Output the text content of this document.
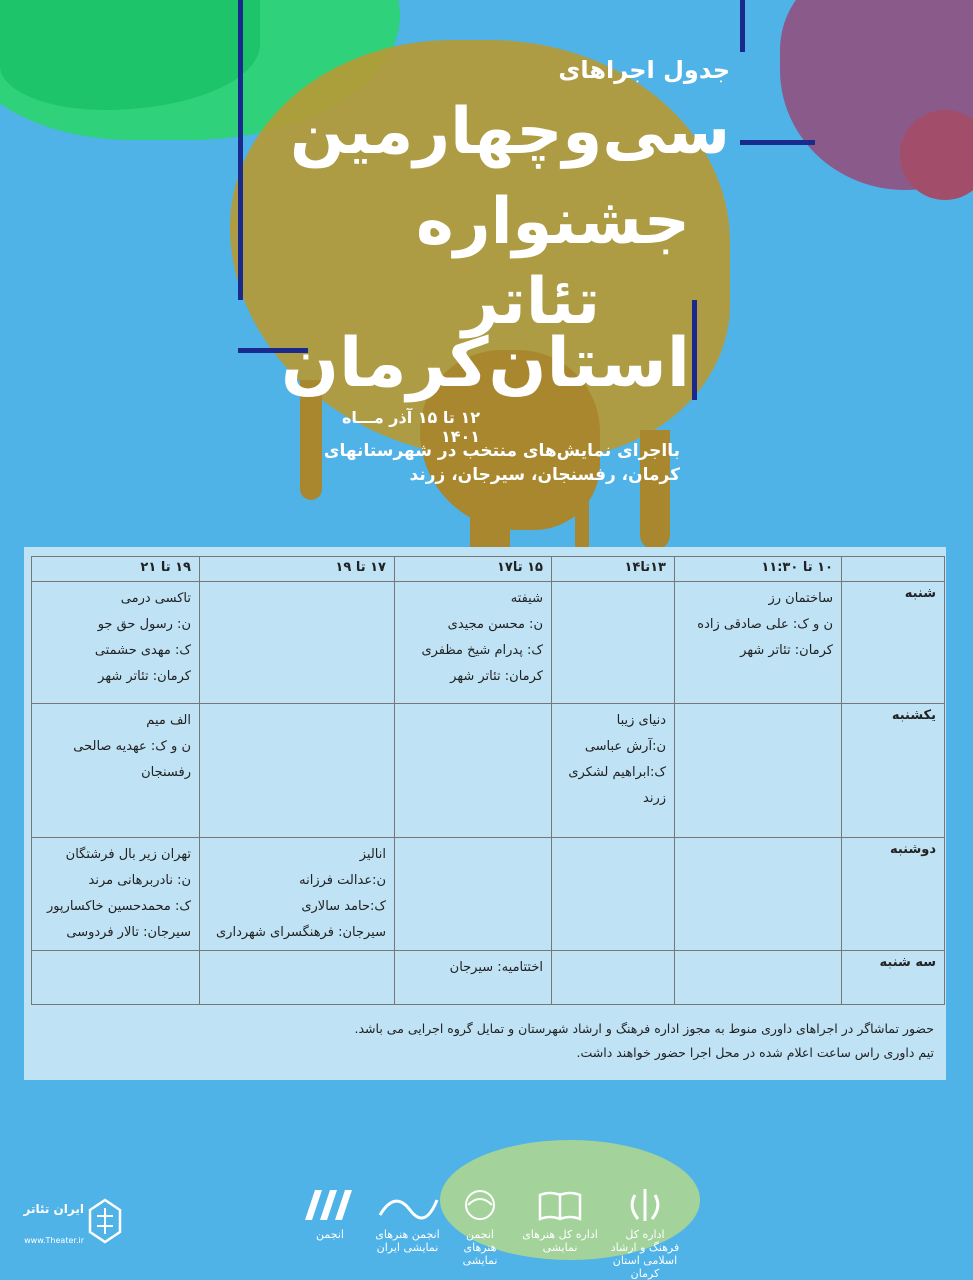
جدول اجراهای
سی‌وچهارمین
جشنواره
تئاتر
استان‌کرمان
۱۲ تا ۱۵ آذر مـــاه ۱۴۰۱
بااجرای نمایش‌های منتخب در شهرستانهای
کرمان، رفسنجان، سیرجان، زرند
	۱۰ تا ۱۱:۳۰	۱۳تا۱۴	۱۵ تا۱۷	۱۷ تا ۱۹	۱۹ تا ۲۱
شنبه	ساختمان رز
ن و ک: علی صادقی زاده
کرمان: تئاتر شهر		شیفته
ن: محسن مجیدی
ک: پدرام شیخ مظفری
کرمان: تئاتر شهر		تاکسی درمی
ن: رسول حق جو
ک: مهدی حشمتی
کرمان: تئاتر شهر

یکشنبه		دنیای زیبا
ن:آرش عباسی
ک:ابراهیم لشکری
زرند			الف میم
ن و ک: عهدیه صالحی
رفسنجان

دوشنبه				انالیز
ن:عدالت فرزانه
ک:حامد سالاری
سیرجان: فرهنگسرای شهرداری	تهران زیر بال فرشتگان
ن: نادربرهانی مرند
ک: محمدحسین خاکسارپور
سیرجان: تالار فردوسی

سه شنبه			اختتامیه: سیرجان		

حضور تماشاگر در اجراهای داوری منوط به مجوز اداره فرهنگ و ارشاد شهرستان و تمایل گروه اجرایی می باشد.
تیم داوری راس ساعت اعلام شده در محل اجرا حضور خواهند داشت.
انجمن	انجمن هنرهای نمایشی ایران
انجمن هنرهای نمایشی
اداره کل هنرهای نمایشی
اداره کل فرهنگ و ارشاد اسلامی استان کرمان
ایران تئاتر
www.Theater.ir
